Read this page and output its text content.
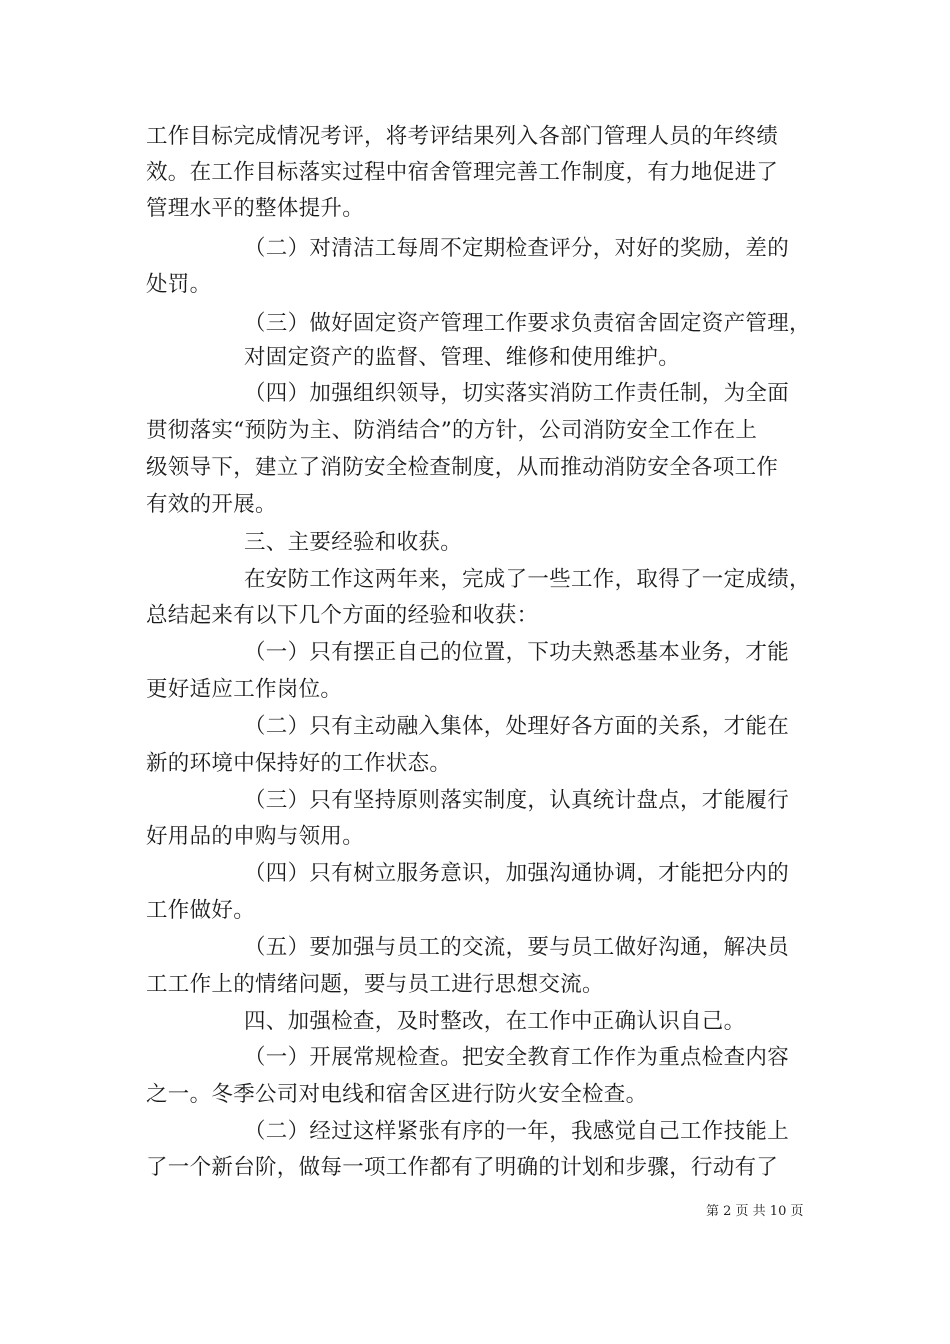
工作目标完成情况考评，将考评结果列入各部门管理人员的年终绩
效。在工作目标落实过程中宿舍管理完善工作制度，有力地促进了
管理水平的整体提升。
（二）对清洁工每周不定期检查评分，对好的奖励，差的
处罚。
（三）做好固定资产管理工作要求负责宿舍固定资产管理，
对固定资产的监督、管理、维修和使用维护。
（四）加强组织领导，切实落实消防工作责任制，为全面
贯彻落实“预防为主、防消结合”的方针，公司消防安全工作在上
级领导下，建立了消防安全检查制度，从而推动消防安全各项工作
有效的开展。
三、主要经验和收获。
在安防工作这两年来，完成了一些工作，取得了一定成绩，
总结起来有以下几个方面的经验和收获：
（一）只有摆正自己的位置，下功夫熟悉基本业务，才能
更好适应工作岗位。
（二）只有主动融入集体，处理好各方面的关系，才能在
新的环境中保持好的工作状态。
（三）只有坚持原则落实制度，认真统计盘点，才能履行
好用品的申购与领用。
（四）只有树立服务意识，加强沟通协调，才能把分内的
工作做好。
（五）要加强与员工的交流，要与员工做好沟通，解决员
工工作上的情绪问题，要与员工进行思想交流。
四、加强检查，及时整改，在工作中正确认识自己。
（一）开展常规检查。把安全教育工作作为重点检查内容
之一。冬季公司对电线和宿舍区进行防火安全检查。
（二）经过这样紧张有序的一年，我感觉自己工作技能上
了一个新台阶，做每一项工作都有了明确的计划和步骤，行动有了
第 2 页 共 10 页
